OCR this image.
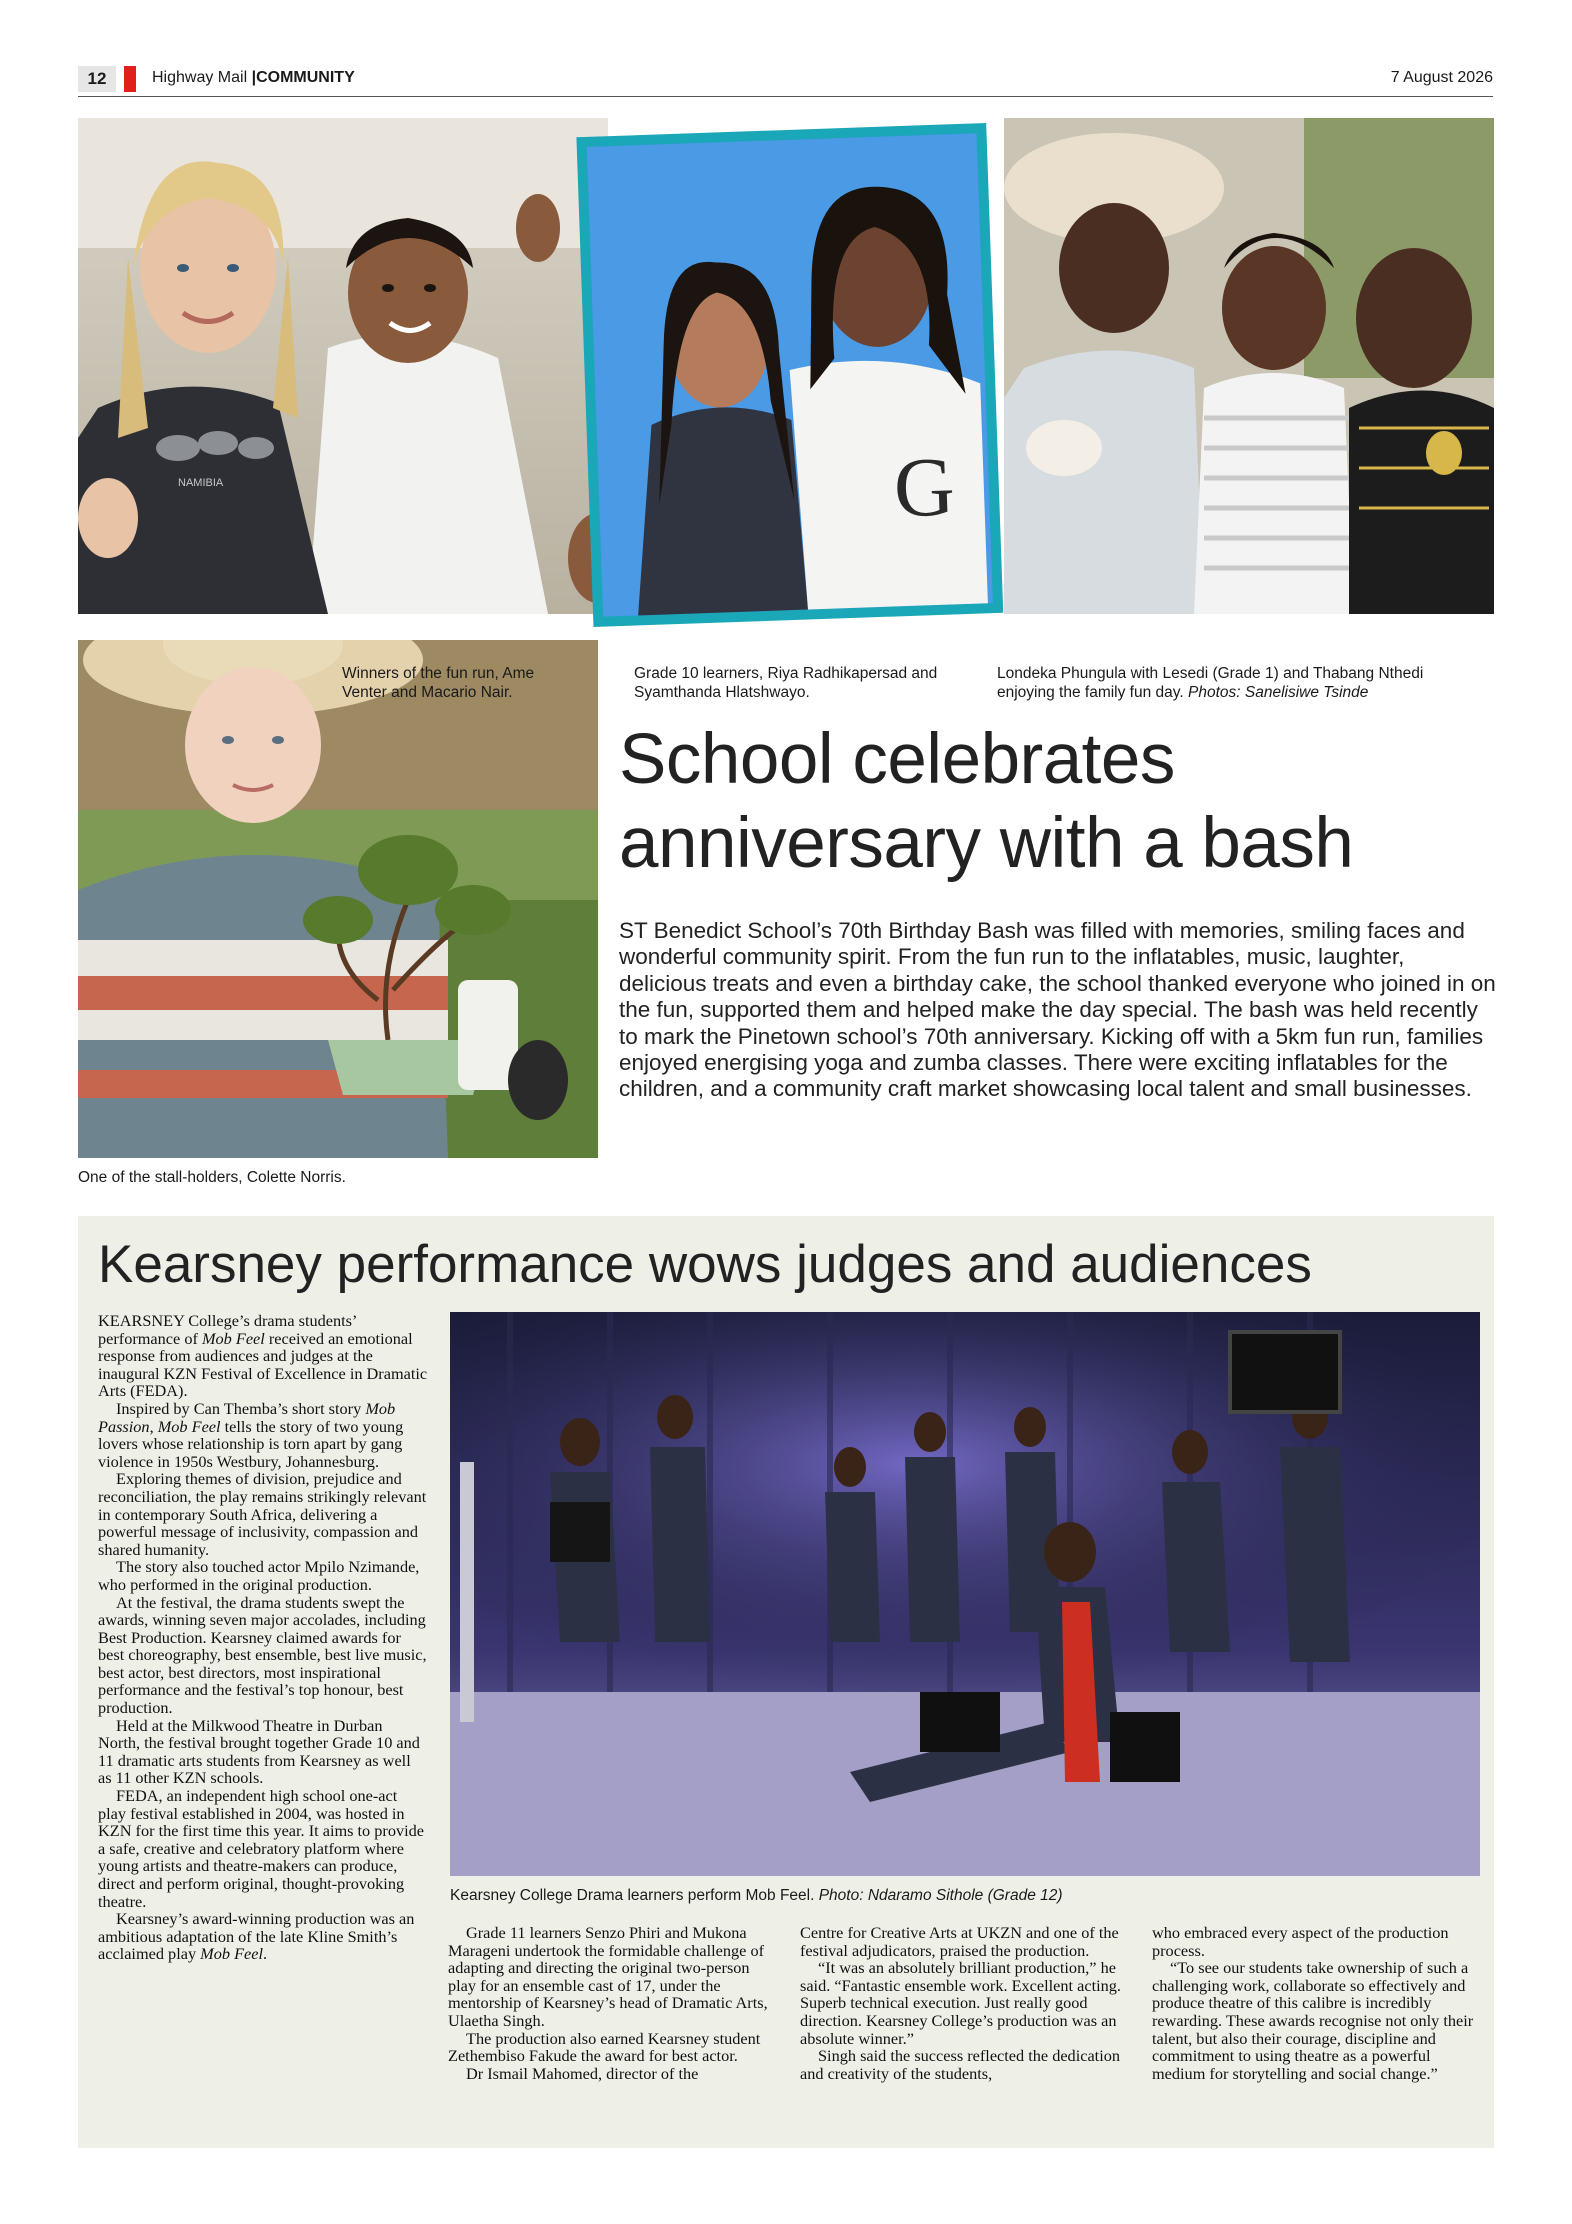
12	Highway Mail |COMMUNITY	7 August 2026
NAMIBIA	G
Winners of the fun run, Ame Venter and Macario Nair.
Grade 10 learners, Riya Radhikapersad and Syamthanda Hlatshwayo.
Londeka Phungula with Lesedi (Grade 1) and Thabang Nthedi enjoying the family fun day. Photos: Sanelisiwe Tsinde
One of the stall-holders, Colette Norris.
School celebrates
anniversary with a bash

ST Benedict School’s 70th Birthday Bash was filled with memories, smiling faces and wonderful community spirit. From the fun run to the inflatables, music, laughter, delicious treats and even a birthday cake, the school thanked everyone who joined in on the fun, supported them and helped make the day special. The bash was held recently to mark the Pinetown school’s 70th anniversary. Kicking off with a 5km fun run, families enjoyed energising yoga and zumba classes. There were exciting inflatables for the children, and a community craft market showcasing local talent and small businesses.

Kearsney performance wows judges and audiences
Kearsney College Drama learners perform Mob Feel. Photo: Ndaramo Sithole (Grade 12)

KEARSNEY College’s drama students’ performance of Mob Feel received an emotional response from audiences and judges at the inaugural KZN Festival of Excellence in Dramatic Arts (FEDA).

Inspired by Can Themba’s short story Mob Passion, Mob Feel tells the story of two young lovers whose relationship is torn apart by gang violence in 1950s Westbury, Johannesburg.

Exploring themes of division, prejudice and reconciliation, the play remains strikingly relevant in contemporary South Africa, delivering a powerful message of inclusivity, compassion and shared humanity.

The story also touched actor Mpilo Nzimande, who performed in the original production.

At the festival, the drama students swept the awards, winning seven major accolades, including Best Production. Kearsney claimed awards for best choreography, best ensemble, best live music, best actor, best directors, most inspirational performance and the festival’s top honour, best production.

Held at the Milkwood Theatre in Durban North, the festival brought together Grade 10 and 11 dramatic arts students from Kearsney as well as 11 other KZN schools.

FEDA, an independent high school one-act play festival established in 2004, was hosted in KZN for the first time this year. It aims to provide a safe, creative and celebratory platform where young artists and theatre-makers can produce, direct and perform original, thought-provoking theatre.

Kearsney’s award-winning production was an ambitious adaptation of the late Kline Smith’s acclaimed play Mob Feel.

Grade 11 learners Senzo Phiri and Mukona Marageni undertook the formidable challenge of adapting and directing the original two-person play for an ensemble cast of 17, under the mentorship of Kearsney’s head of Dramatic Arts, Ulaetha Singh.

The production also earned Kearsney student Zethembiso Fakude the award for best actor.

Dr Ismail Mahomed, director of the

Centre for Creative Arts at UKZN and one of the festival adjudicators, praised the production.

“It was an absolutely brilliant production,” he said. “Fantastic ensemble work. Excellent acting. Superb technical execution. Just really good direction. Kearsney College’s production was an absolute winner.”

Singh said the success reflected the dedication and creativity of the students,

who embraced every aspect of the production process.

“To see our students take ownership of such a challenging work, collaborate so effectively and produce theatre of this calibre is incredibly rewarding. These awards recognise not only their talent, but also their courage, discipline and commitment to using theatre as a powerful medium for storytelling and social change.”
